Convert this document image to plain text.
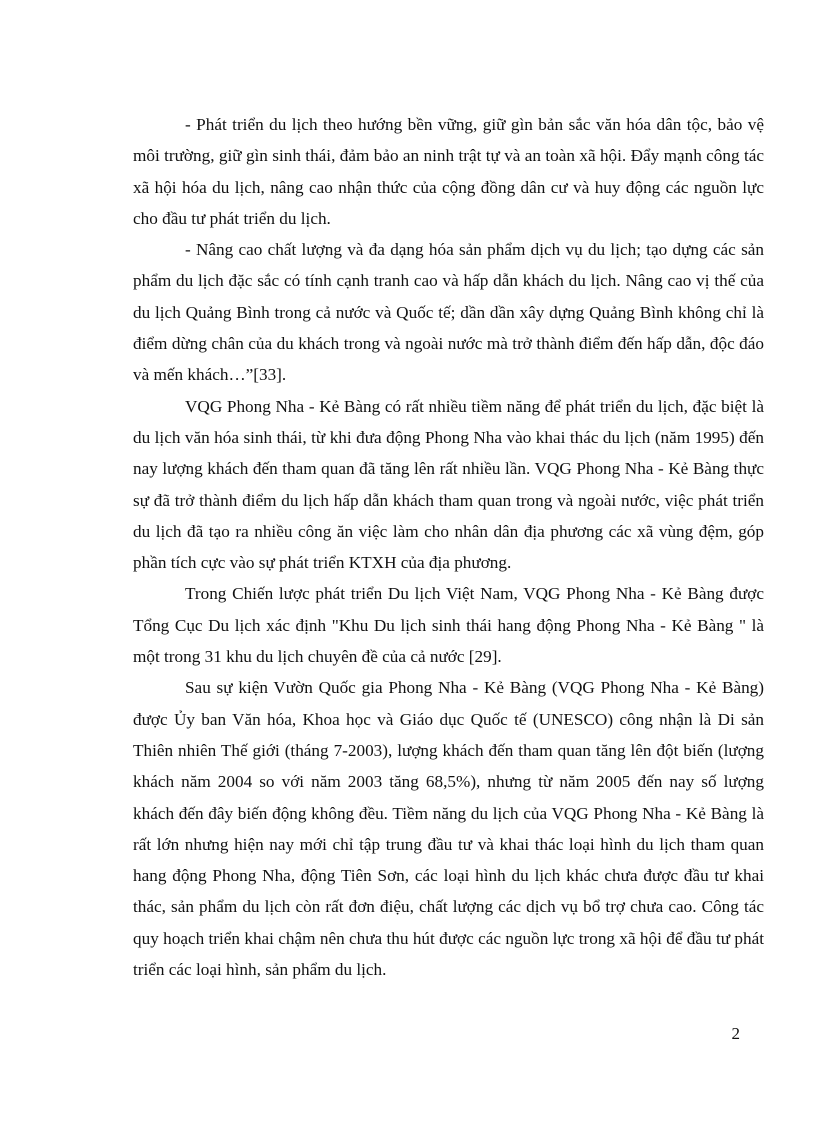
- Phát triển du lịch theo hướng bền vững, giữ gìn bản sắc văn hóa dân tộc, bảo vệ môi trường, giữ gìn sinh thái, đảm bảo an ninh trật tự và an toàn xã hội. Đẩy mạnh công tác xã hội hóa du lịch, nâng cao nhận thức của cộng đồng dân cư và huy động các nguồn lực cho đầu tư phát triển du lịch.

- Nâng cao chất lượng và đa dạng hóa sản phẩm dịch vụ du lịch; tạo dựng các sản phẩm du lịch đặc sắc có tính cạnh tranh cao và hấp dẫn khách du lịch. Nâng cao vị thế của du lịch Quảng Bình trong cả nước và Quốc tế; dần dần xây dựng Quảng Bình không chỉ là điểm dừng chân của du khách trong và ngoài nước mà trở thành điểm đến hấp dẫn, độc đáo và mến khách…”[33].

VQG Phong Nha - Kẻ Bàng có rất nhiều tiềm năng để phát triển du lịch, đặc biệt là du lịch văn hóa sinh thái, từ khi đưa động Phong Nha vào khai thác du lịch (năm 1995) đến nay lượng khách đến tham quan đã tăng lên rất nhiều lần. VQG Phong Nha - Kẻ Bàng thực sự đã trở thành điểm du lịch hấp dẫn khách tham quan trong và ngoài nước, việc phát triển du lịch đã tạo ra nhiều công ăn việc làm cho nhân dân địa phương các xã vùng đệm, góp phần tích cực vào sự phát triển KTXH của địa phương.

Trong Chiến lược phát triển Du lịch Việt Nam, VQG Phong Nha - Kẻ Bàng được Tổng Cục Du lịch xác định "Khu Du lịch sinh thái hang động Phong Nha - Kẻ Bàng " là một trong 31 khu du lịch chuyên đề của cả nước [29].

Sau sự kiện Vườn Quốc gia Phong Nha - Kẻ Bàng (VQG Phong Nha - Kẻ Bàng) được Ủy ban Văn hóa, Khoa học và Giáo dục Quốc tế (UNESCO) công nhận là Di sản Thiên nhiên Thế giới (tháng 7-2003), lượng khách đến tham quan tăng lên đột biến (lượng khách năm 2004 so với năm 2003 tăng 68,5%), nhưng từ năm 2005 đến nay số lượng khách đến đây biến động không đều. Tiềm năng du lịch của VQG Phong Nha - Kẻ Bàng là rất lớn nhưng hiện nay mới chỉ tập trung đầu tư và khai thác loại hình du lịch tham quan hang động Phong Nha, động Tiên Sơn, các loại hình du lịch khác chưa được đầu tư khai thác, sản phẩm du lịch còn rất đơn điệu, chất lượng các dịch vụ bổ trợ chưa cao. Công tác quy hoạch triển khai chậm nên chưa thu hút được các nguồn lực trong xã hội để đầu tư phát triển các loại hình, sản phẩm du lịch.

2
